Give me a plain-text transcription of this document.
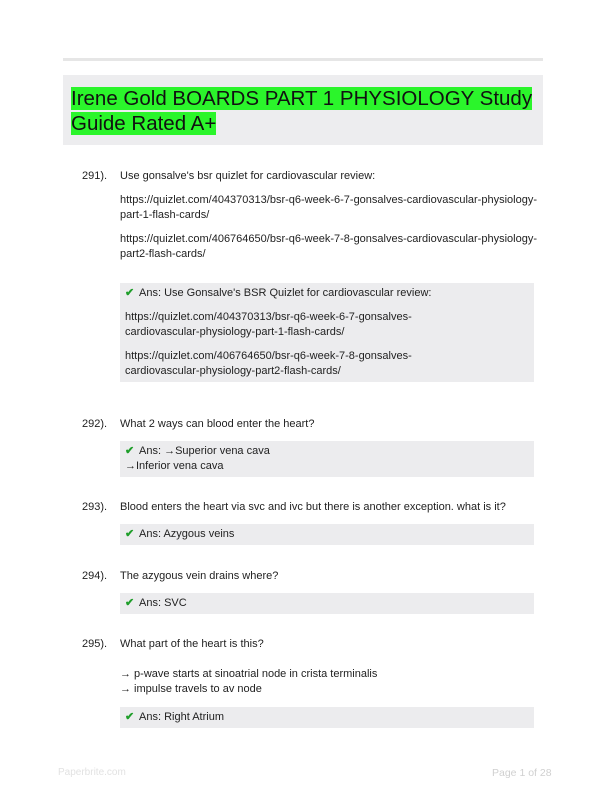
Irene Gold BOARDS PART 1 PHYSIOLOGY Study Guide Rated A+
291). Use gonsalve's bsr quizlet for cardiovascular review:

https://quizlet.com/404370313/bsr-q6-week-6-7-gonsalves-cardiovascular-physiology-part-1-flash-cards/

https://quizlet.com/406764650/bsr-q6-week-7-8-gonsalves-cardiovascular-physiology-part2-flash-cards/

✔ Ans: Use Gonsalve's BSR Quizlet for cardiovascular review:

https://quizlet.com/404370313/bsr-q6-week-6-7-gonsalves-cardiovascular-physiology-part-1-flash-cards/

https://quizlet.com/406764650/bsr-q6-week-7-8-gonsalves-cardiovascular-physiology-part2-flash-cards/

292). What 2 ways can blood enter the heart?

✔ Ans: →Superior vena cava

→Inferior vena cava

293). Blood enters the heart via svc and ivc but there is another exception. what is it?

✔ Ans: Azygous veins

294). The azygous vein drains where?

✔ Ans: SVC

295). What part of the heart is this?

→ p-wave starts at sinoatrial node in crista terminalis

→ impulse travels to av node

✔ Ans: Right Atrium

Paperbrite.com	Page 1 of 28
